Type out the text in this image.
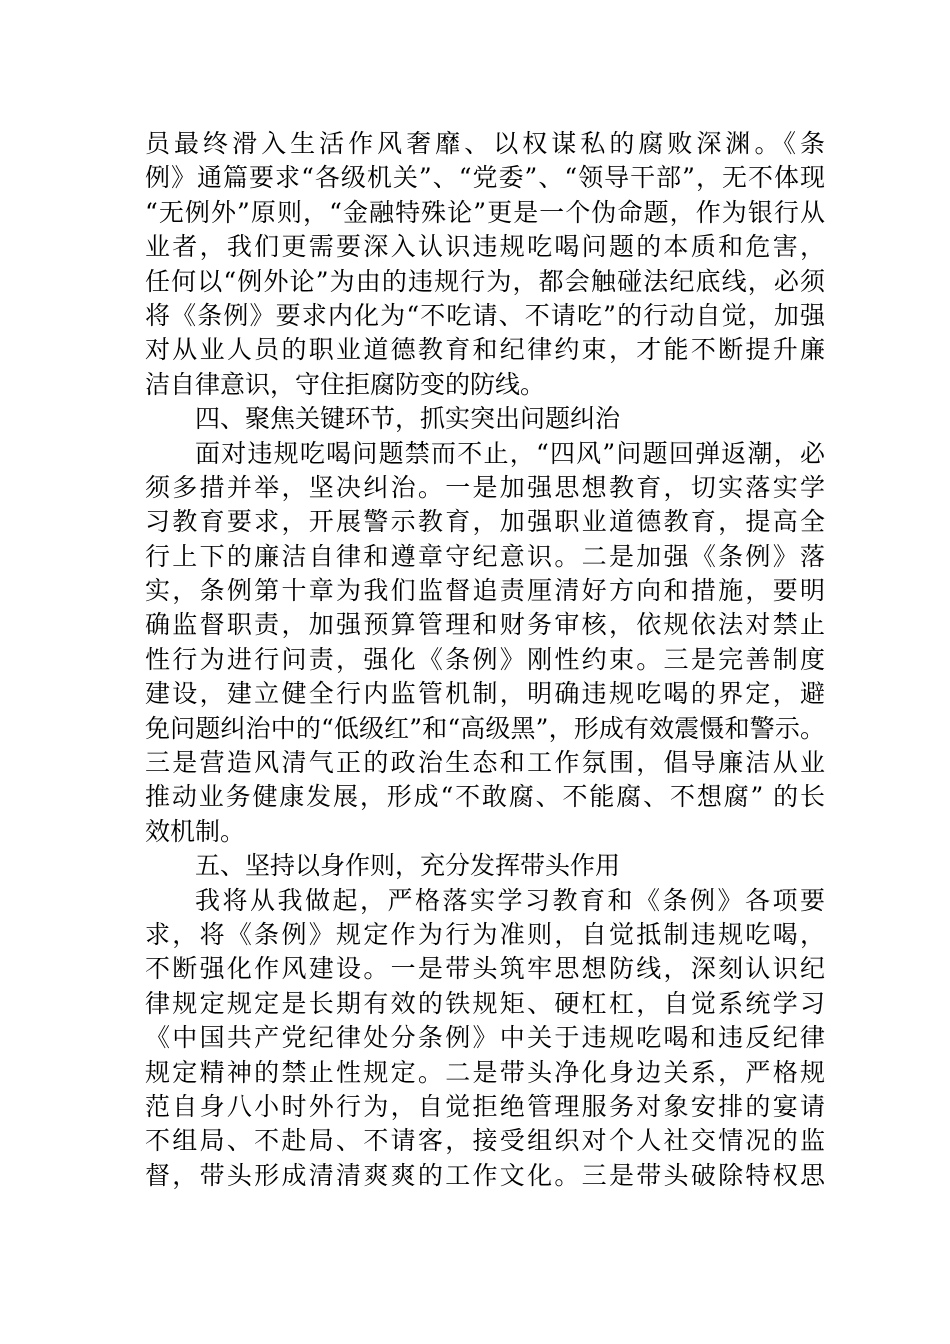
员最终滑入生活作风奢靡、以权谋私的腐败深渊。《条
例》通篇要求“各级机关”、“党委”、“领导干部”，无不体现
“无例外”原则，“金融特殊论”更是一个伪命题，作为银行从
业者，我们更需要深入认识违规吃喝问题的本质和危害，
任何以“例外论”为由的违规行为，都会触碰法纪底线，必须
将《条例》要求内化为“不吃请、不请吃”的行动自觉，加强
对从业人员的职业道德教育和纪律约束，才能不断提升廉
洁自律意识，守住拒腐防变的防线。
四、聚焦关键环节，抓实突出问题纠治
面对违规吃喝问题禁而不止，“四风”问题回弹返潮，必
须多措并举，坚决纠治。一是加强思想教育，切实落实学
习教育要求，开展警示教育，加强职业道德教育，提高全
行上下的廉洁自律和遵章守纪意识。二是加强《条例》落
实，条例第十章为我们监督追责厘清好方向和措施，要明
确监督职责，加强预算管理和财务审核，依规依法对禁止
性行为进行问责，强化《条例》刚性约束。三是完善制度
建设，建立健全行内监管机制，明确违规吃喝的界定，避
免问题纠治中的“低级红”和“高级黑”，形成有效震慑和警示。
三是营造风清气正的政治生态和工作氛围，倡导廉洁从业
推动业务健康发展，形成“不敢腐、不能腐、不想腐” 的长
效机制。
五、坚持以身作则，充分发挥带头作用
我将从我做起，严格落实学习教育和《条例》各项要
求，将《条例》规定作为行为准则，自觉抵制违规吃喝，
不断强化作风建设。一是带头筑牢思想防线，深刻认识纪
律规定规定是长期有效的铁规矩、硬杠杠，自觉系统学习
《中国共产党纪律处分条例》中关于违规吃喝和违反纪律
规定精神的禁止性规定。二是带头净化身边关系，严格规
范自身八小时外行为，自觉拒绝管理服务对象安排的宴请
不组局、不赴局、不请客，接受组织对个人社交情况的监
督，带头形成清清爽爽的工作文化。三是带头破除特权思
